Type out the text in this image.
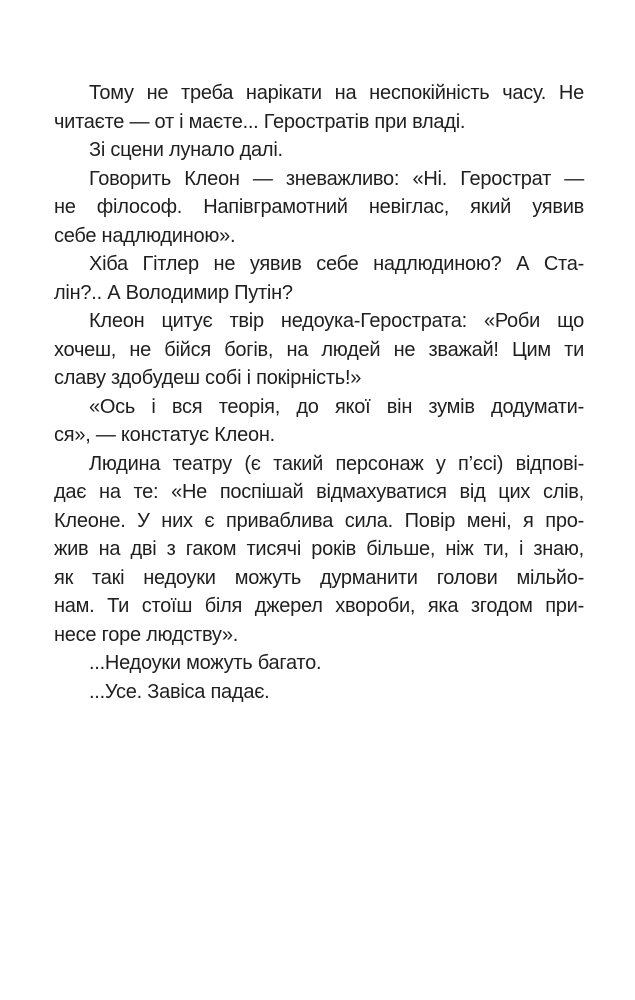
Тому не треба нарікати на неспокійність часу. Не
читаєте — от і маєте... Геростратів при владі.
Зі сцени лунало далі.
Говорить Клеон — зневажливо: «Ні. Герострат —
не філософ. Напівграмотний невіглас, який уявив
себе надлюдиною».
Хіба Гітлер не уявив себе надлюдиною? А Ста-
лін?.. А Володимир Путін?
Клеон цитує твір недоука-Герострата: «Роби що
хочеш, не бійся богів, на людей не зважай! Цим ти
славу здобудеш собі і покірність!»
«Ось і вся теорія, до якої він зумів додумати-
ся», — констатує Клеон.
Людина театру (є такий персонаж у п’єсі) відпові-
дає на те: «Не поспішай відмахуватися від цих слів,
Клеоне. У них є приваблива сила. Повір мені, я про-
жив на дві з гаком тисячі років більше, ніж ти, і знаю,
як такі недоуки можуть дурманити голови мільйо-
нам. Ти стоїш біля джерел хвороби, яка згодом при-
несе горе людству».
...Недоуки можуть багато.
...Усе. Завіса падає.
